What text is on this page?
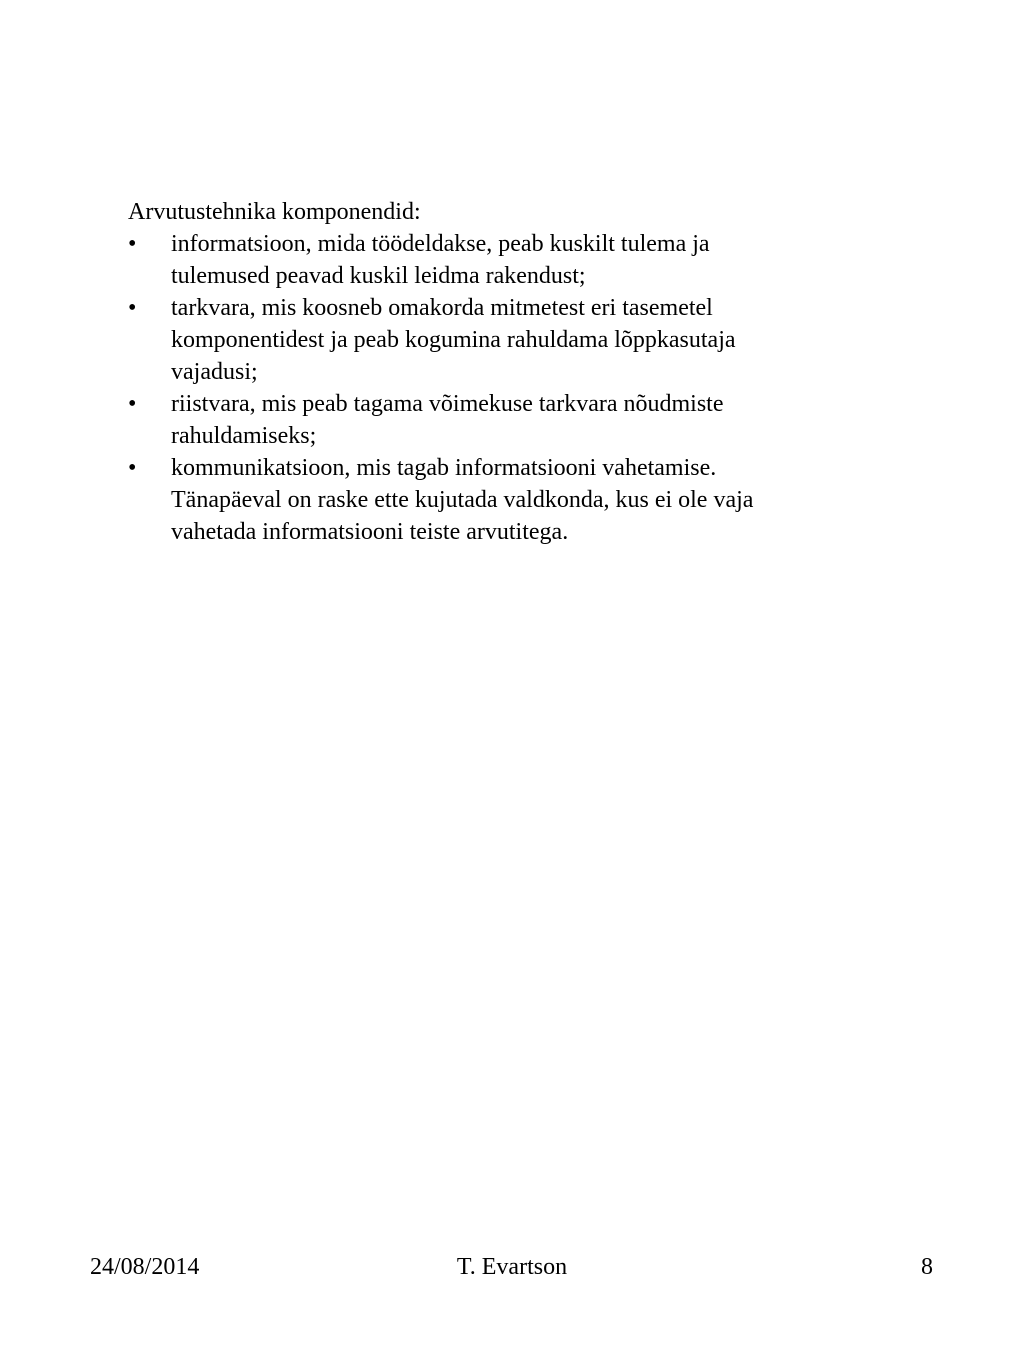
Arvutustehnika komponendid:

• informatsioon, mida töödeldakse, peab kuskilt tulema ja
tulemused peavad kuskil leidma rakendust;
• tarkvara, mis koosneb omakorda mitmetest eri tasemetel
komponentidest ja peab kogumina rahuldama lõppkasutaja
vajadusi;
• riistvara, mis peab tagama võimekuse tarkvara nõudmiste
rahuldamiseks;
• kommunikatsioon, mis tagab informatsiooni vahetamise.
Tänapäeval on raske ette kujutada valdkonda, kus ei ole vaja
vahetada informatsiooni teiste arvutitega.
24/08/2014	T. Evartson	8
